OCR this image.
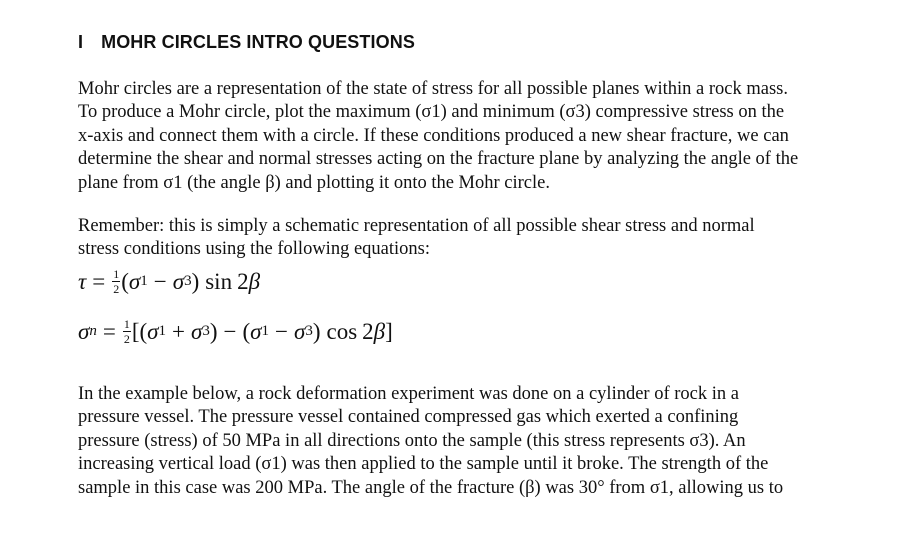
I MOHR CIRCLES INTRO QUESTIONS

Mohr circles are a representation of the state of stress for all possible planes within a rock mass.
To produce a Mohr circle, plot the maximum (σ1) and minimum (σ3) compressive stress on the
x-axis and connect them with a circle. If these conditions produced a new shear fracture, we can
determine the shear and normal stresses acting on the fracture plane by analyzing the angle of the
plane from σ1 (the angle β) and plotting it onto the Mohr circle.

Remember: this is simply a schematic representation of all possible shear stress and normal
stress conditions using the following equations:

$\tau = \frac{1}{2}$ ( σ 1 − σ 3 ) sin 2 β
σ $n = \frac{1}{2}$ [( σ 1 + σ 3 ) − ( σ 1 − σ 3 ) cos 2 β ]

In the example below, a rock deformation experiment was done on a cylinder of rock in a
pressure vessel. The pressure vessel contained compressed gas which exerted a confining
pressure (stress) of 50 MPa in all directions onto the sample (this stress represents σ3). An
increasing vertical load (σ1) was then applied to the sample until it broke. The strength of the
sample in this case was 200 MPa. The angle of the fracture (β) was 30° from σ1, allowing us to
